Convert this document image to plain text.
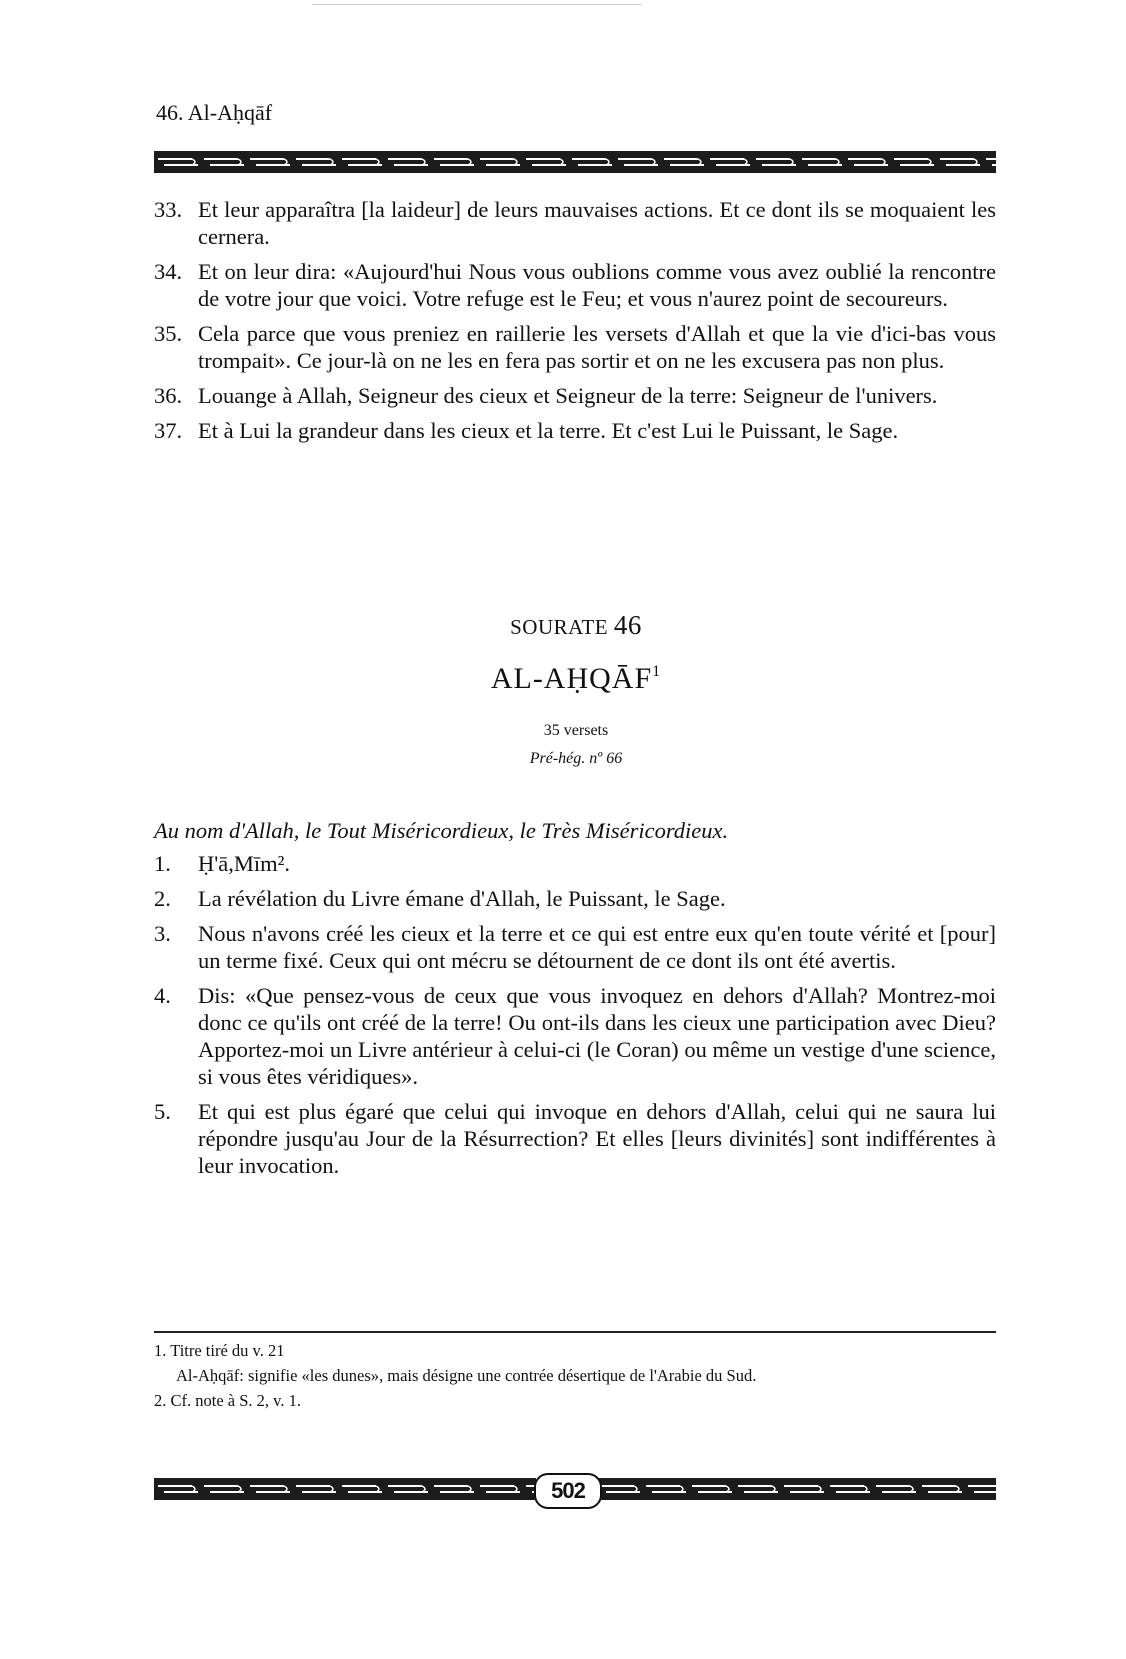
46. Al-Aḥqāf
33. Et leur apparaîtra [la laideur] de leurs mauvaises actions. Et ce dont ils se moquaient les cernera.
34. Et on leur dira: «Aujourd'hui Nous vous oublions comme vous avez oublié la rencontre de votre jour que voici. Votre refuge est le Feu; et vous n'aurez point de secoureurs.
35. Cela parce que vous preniez en raillerie les versets d'Allah et que la vie d'ici-bas vous trompait». Ce jour-là on ne les en fera pas sortir et on ne les excusera pas non plus.
36. Louange à Allah, Seigneur des cieux et Seigneur de la terre: Seigneur de l'univers.
37. Et à Lui la grandeur dans les cieux et la terre. Et c'est Lui le Puissant, le Sage.
SOURATE 46
AL-AḤQĀF$^1$
35 versets
Pré-hég. nº 66
Au nom d'Allah, le Tout Miséricordieux, le Très Miséricordieux.
1.	Ḥ'ā,Mīm².
2.	La révélation du Livre émane d'Allah, le Puissant, le Sage.
3.	Nous n'avons créé les cieux et la terre et ce qui est entre eux qu'en toute vérité et [pour] un terme fixé. Ceux qui ont mécru se détournent de ce dont ils ont été avertis.
4.	Dis: «Que pensez-vous de ceux que vous invoquez en dehors d'Allah? Montrez-moi donc ce qu'ils ont créé de la terre! Ou ont-ils dans les cieux une participation avec Dieu? Apportez-moi un Livre antérieur à celui-ci (le Coran) ou même un vestige d'une science, si vous êtes véridiques».
5.	Et qui est plus égaré que celui qui invoque en dehors d'Allah, celui qui ne saura lui répondre jusqu'au Jour de la Résurrection? Et elles [leurs divinités] sont indifférentes à leur invocation.
1. Titre tiré du v. 21
Al-Aḥqāf: signifie «les dunes», mais désigne une contrée désertique de l'Arabie du Sud.
2. Cf. note à S. 2, v. 1.
502
